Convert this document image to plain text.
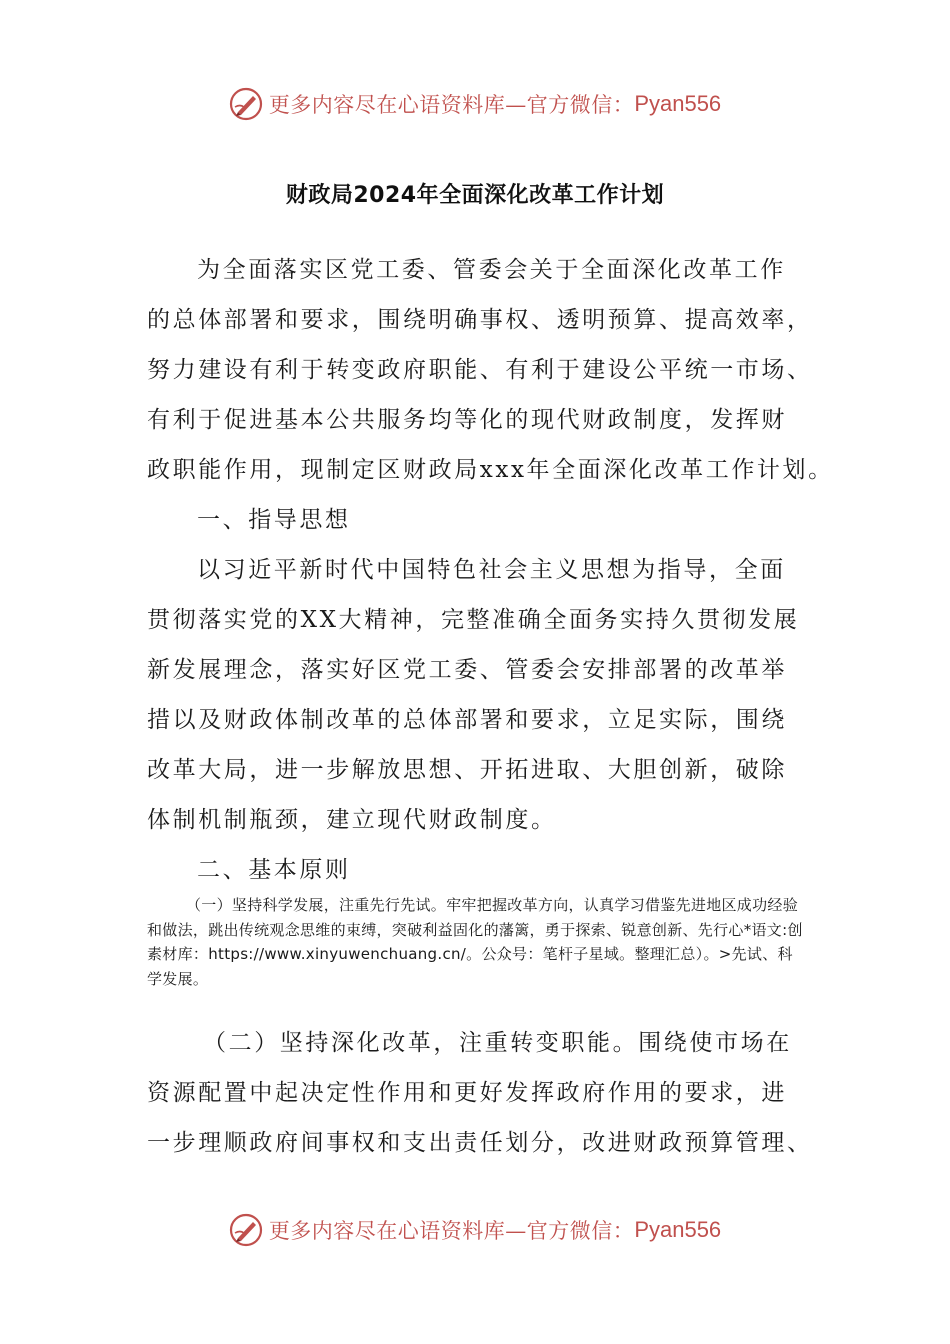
更多内容尽在心语资料库—官方微信： Pyan556
财政局2024年全面深化改革工作计划
为全面落实区党工委、管委会关于全面深化改革工作
的总体部署和要求，围绕明确事权、透明预算、提高效率，
努力建设有利于转变政府职能、有利于建设公平统一市场、
有利于促进基本公共服务均等化的现代财政制度，发挥财
政职能作用，现制定区财政局xxx年全面深化改革工作计划。
一、指导思想
以习近平新时代中国特色社会主义思想为指导，全面
贯彻落实党的XX大精神，完整准确全面务实持久贯彻发展
新发展理念，落实好区党工委、管委会安排部署的改革举
措以及财政体制改革的总体部署和要求，立足实际，围绕
改革大局，进一步解放思想、开拓进取、大胆创新，破除
体制机制瓶颈，建立现代财政制度。
二、基本原则

（一）坚持科学发展，注重先行先试。牢牢把握改革方向，认真学习借鉴先进地区成功经验和做法，跳出传统观念思维的束缚，突破利益固化的藩篱，勇于探索、锐意创新、先行心*语文:创素材库：https://www.xinyuwenchuang.cn/。公众号：笔杆子星域。整理汇总）。>先试、科学发展。

（二）坚持深化改革，注重转变职能。围绕使市场在
资源配置中起决定性作用和更好发挥政府作用的要求，进
一步理顺政府间事权和支出责任划分，改进财政预算管理、
更多内容尽在心语资料库—官方微信： Pyan556
